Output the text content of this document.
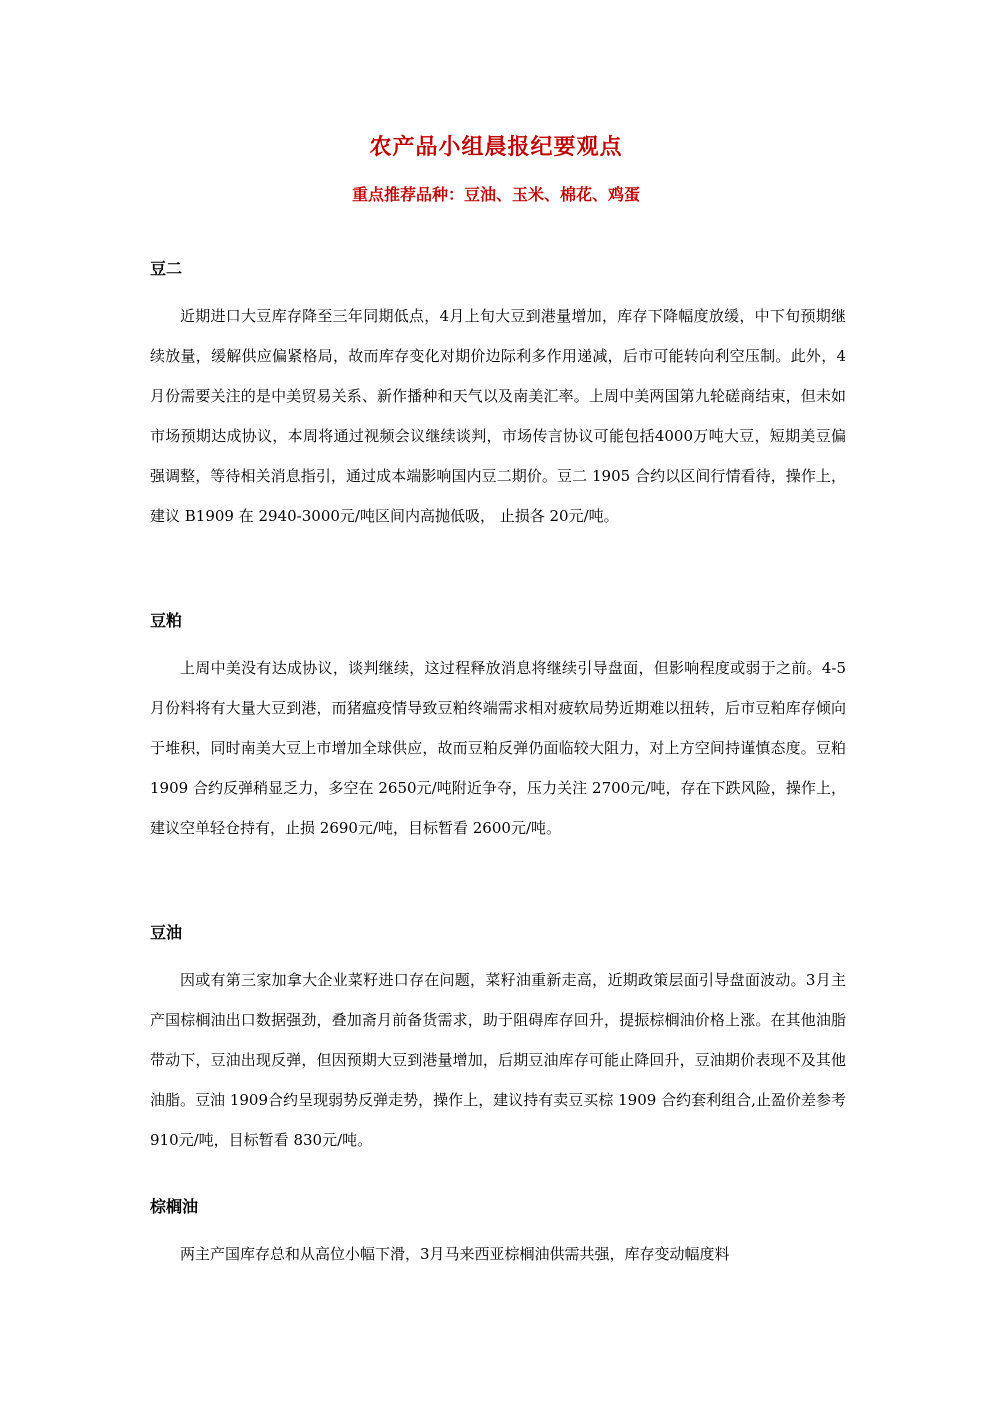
农产品小组晨报纪要观点
重点推荐品种：豆油、玉米、棉花、鸡蛋
豆二

近期进口大豆库存降至三年同期低点，4月上旬大豆到港量增加，库存下降幅度放缓，中下旬预期继续放量，缓解供应偏紧格局，故而库存变化对期价边际利多作用递减，后市可能转向利空压制。此外，4月份需要关注的是中美贸易关系、新作播种和天气以及南美汇率。上周中美两国第九轮磋商结束，但未如市场预期达成协议，本周将通过视频会议继续谈判，市场传言协议可能包括4000万吨大豆，短期美豆偏强调整，等待相关消息指引，通过成本端影响国内豆二期价。豆二 1905 合约以区间行情看待，操作上，建议 B1909 在 2940-3000元/吨区间内高抛低吸， 止损各 20元/吨。

豆粕

上周中美没有达成协议，谈判继续，这过程释放消息将继续引导盘面，但影响程度或弱于之前。4-5月份料将有大量大豆到港，而猪瘟疫情导致豆粕终端需求相对疲软局势近期难以扭转，后市豆粕库存倾向于堆积，同时南美大豆上市增加全球供应，故而豆粕反弹仍面临较大阻力，对上方空间持谨慎态度。豆粕 1909 合约反弹稍显乏力，多空在 2650元/吨附近争夺，压力关注 2700元/吨，存在下跌风险，操作上，建议空单轻仓持有，止损 2690元/吨，目标暂看 2600元/吨。

豆油

因或有第三家加拿大企业菜籽进口存在问题，菜籽油重新走高，近期政策层面引导盘面波动。3月主产国棕榈油出口数据强劲，叠加斋月前备货需求，助于阻碍库存回升，提振棕榈油价格上涨。在其他油脂带动下，豆油出现反弹，但因预期大豆到港量增加，后期豆油库存可能止降回升，豆油期价表现不及其他油脂。豆油 1909合约呈现弱势反弹走势，操作上，建议持有卖豆买棕 1909 合约套利组合,止盈价差参考 910元/吨，目标暂看 830元/吨。

棕榈油

两主产国库存总和从高位小幅下滑，3月马来西亚棕榈油供需共强，库存变动幅度料
